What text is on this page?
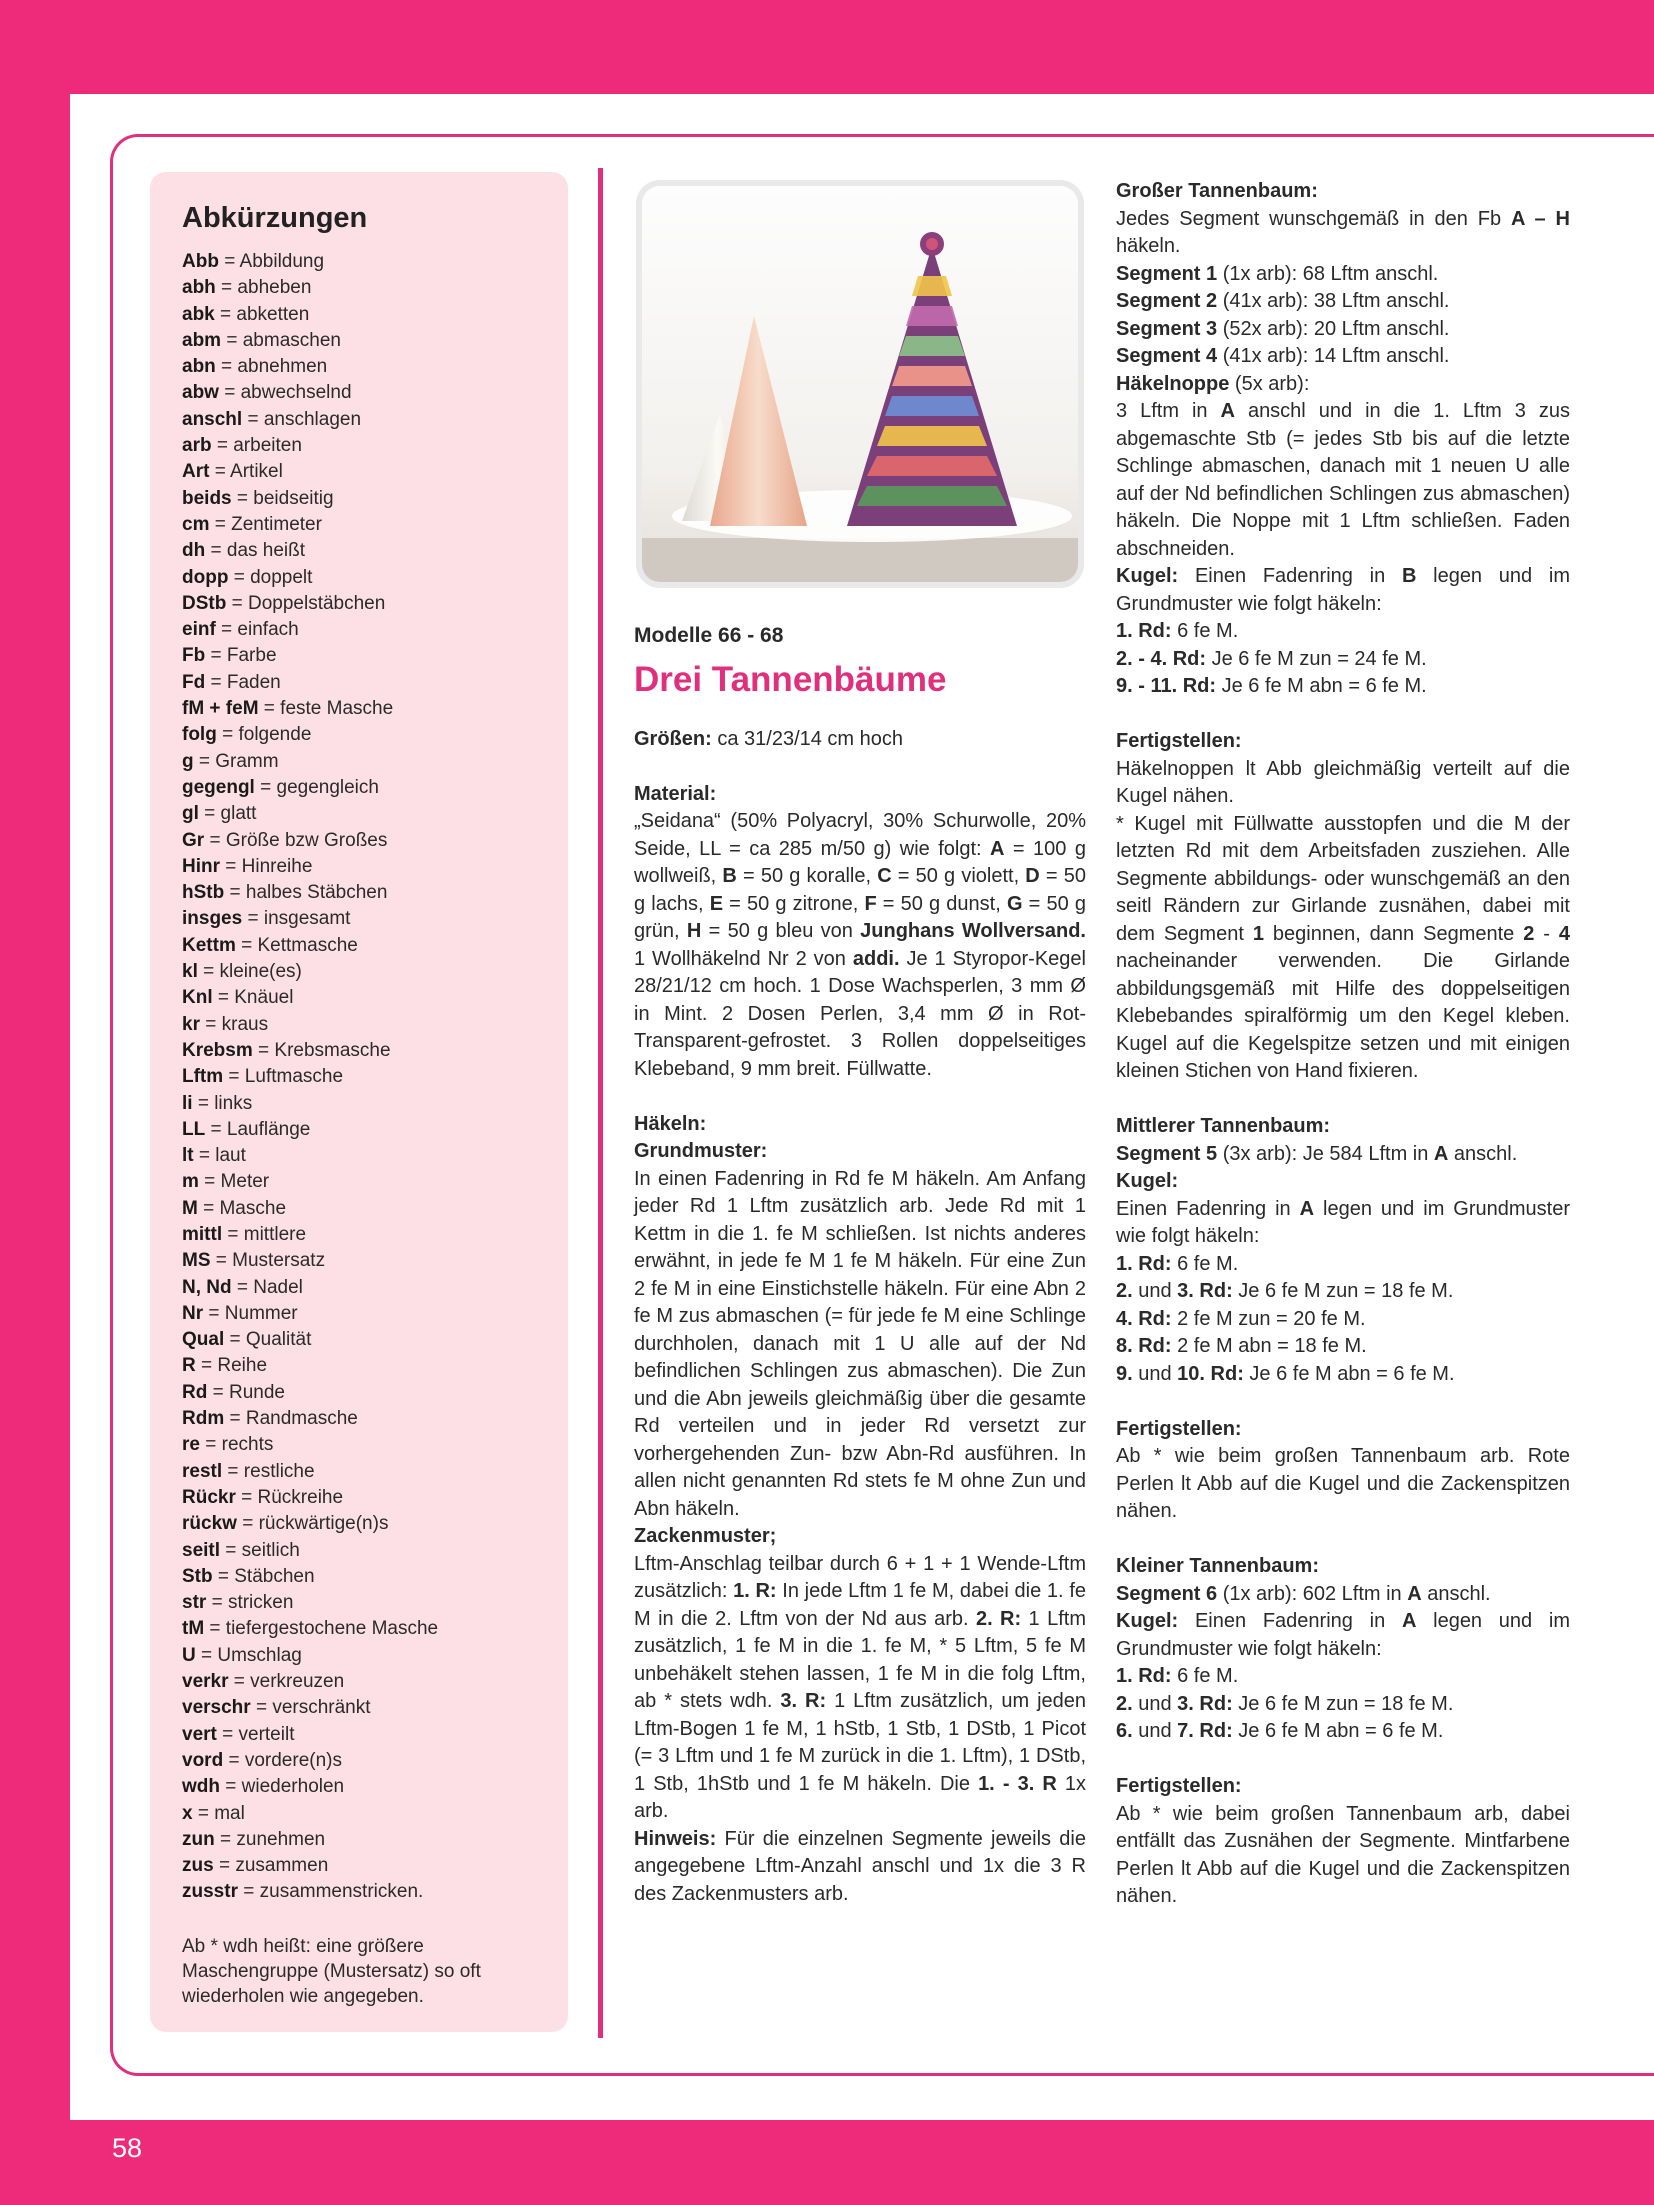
Abkürzungen
Abb = Abbildung
abh = abheben
abk = abketten
abm = abmaschen
abn = abnehmen
abw = abwechselnd
anschl = anschlagen
arb = arbeiten
Art = Artikel
beids = beidseitig
cm = Zentimeter
dh = das heißt
dopp = doppelt
DStb = Doppelstäbchen
einf = einfach
Fb = Farbe
Fd = Faden
fM + feM = feste Masche
folg = folgende
g = Gramm
gegengl = gegengleich
gl = glatt
Gr = Größe bzw Großes
Hinr = Hinreihe
hStb = halbes Stäbchen
insges = insgesamt
Kettm = Kettmasche
kl = kleine(es)
Knl = Knäuel
kr = kraus
Krebsm = Krebsmasche
Lftm = Luftmasche
li = links
LL = Lauflänge
lt = laut
m = Meter
M = Masche
mittl = mittlere
MS = Mustersatz
N, Nd = Nadel
Nr = Nummer
Qual = Qualität
R = Reihe
Rd = Runde
Rdm = Randmasche
re = rechts
restl = restliche
Rückr = Rückreihe
rückw = rückwärtige(n)s
seitl = seitlich
Stb = Stäbchen
str = stricken
tM = tiefergestochene Masche
U = Umschlag
verkr = verkreuzen
verschr = verschränkt
vert = verteilt
vord = vordere(n)s
wdh = wiederholen
x = mal
zun = zunehmen
zus = zusammen
zusstr = zusammenstricken.

Ab * wdh heißt: eine größere Maschengruppe (Mustersatz) so oft wiederholen wie angegeben.

Modelle 66 - 68

Drei Tannenbäume

Größen: ca 31/23/14 cm hoch

Material:

„Seidana“ (50% Polyacryl, 30% Schurwolle, 20% Seide, LL = ca 285 m/50 g) wie folgt: A = 100 g wollweiß, B = 50 g koralle, C = 50 g violett, D = 50 g lachs, E = 50 g zitrone, F = 50 g dunst, G = 50 g grün, H = 50 g bleu von Junghans Wollversand. 1 Wollhäkelnd Nr 2 von addi. Je 1 Styropor-Kegel 28/21/12 cm hoch. 1 Dose Wachsperlen, 3 mm Ø in Mint. 2 Dosen Perlen, 3,4 mm Ø in Rot-Transparent-gefrostet. 3 Rollen doppelseitiges Klebeband, 9 mm breit. Füllwatte.

Häkeln:

Grundmuster:

In einen Fadenring in Rd fe M häkeln. Am Anfang jeder Rd 1 Lftm zusätzlich arb. Jede Rd mit 1 Kettm in die 1. fe M schließen. Ist nichts anderes erwähnt, in jede fe M 1 fe M häkeln. Für eine Zun 2 fe M in eine Einstichstelle häkeln. Für eine Abn 2 fe M zus abmaschen (= für jede fe M eine Schlinge durchholen, danach mit 1 U alle auf der Nd befindlichen Schlingen zus abmaschen). Die Zun und die Abn jeweils gleichmäßig über die gesamte Rd verteilen und in jeder Rd versetzt zur vorhergehenden Zun- bzw Abn-Rd ausführen. In allen nicht genannten Rd stets fe M ohne Zun und Abn häkeln.

Zackenmuster;

Lftm-Anschlag teilbar durch 6 + 1 + 1 Wende-Lftm zusätzlich: 1. R: In jede Lftm 1 fe M, dabei die 1. fe M in die 2. Lftm von der Nd aus arb. 2. R: 1 Lftm zusätzlich, 1 fe M in die 1. fe M, * 5 Lftm, 5 fe M unbehäkelt stehen lassen, 1 fe M in die folg Lftm, ab * stets wdh. 3. R: 1 Lftm zusätzlich, um jeden Lftm-Bogen 1 fe M, 1 hStb, 1 Stb, 1 DStb, 1 Picot (= 3 Lftm und 1 fe M zurück in die 1. Lftm), 1 DStb, 1 Stb, 1hStb und 1 fe M häkeln. Die 1. - 3. R 1x arb.

Hinweis: Für die einzelnen Segmente jeweils die angegebene Lftm-Anzahl anschl und 1x die 3 R des Zackenmusters arb.

Großer Tannenbaum:

Jedes Segment wunschgemäß in den Fb A – H häkeln.

Segment 1 (1x arb): 68 Lftm anschl.

Segment 2 (41x arb): 38 Lftm anschl.

Segment 3 (52x arb): 20 Lftm anschl.

Segment 4 (41x arb): 14 Lftm anschl.

Häkelnoppe (5x arb):

3 Lftm in A anschl und in die 1. Lftm 3 zus abgemaschte Stb (= jedes Stb bis auf die letzte Schlinge abmaschen, danach mit 1 neuen U alle auf der Nd befindlichen Schlingen zus abmaschen) häkeln. Die Noppe mit 1 Lftm schließen. Faden abschneiden.

Kugel: Einen Fadenring in B legen und im Grundmuster wie folgt häkeln:

1. Rd: 6 fe M.

2. - 4. Rd: Je 6 fe M zun = 24 fe M.

9. - 11. Rd: Je 6 fe M abn = 6 fe M.

Fertigstellen:

Häkelnoppen lt Abb gleichmäßig verteilt auf die Kugel nähen.

* Kugel mit Füllwatte ausstopfen und die M der letzten Rd mit dem Arbeitsfaden zusziehen. Alle Segmente abbildungs- oder wunschgemäß an den seitl Rändern zur Girlande zusnähen, dabei mit dem Segment 1 beginnen, dann Segmente 2 - 4 nacheinander verwenden. Die Girlande abbildungsgemäß mit Hilfe des doppelseitigen Klebebandes spiralförmig um den Kegel kleben. Kugel auf die Kegelspitze setzen und mit einigen kleinen Stichen von Hand fixieren.

Mittlerer Tannenbaum:

Segment 5 (3x arb): Je 584 Lftm in A anschl.

Kugel:

Einen Fadenring in A legen und im Grundmuster wie folgt häkeln:

1. Rd: 6 fe M.

2. und 3. Rd: Je 6 fe M zun = 18 fe M.

4. Rd: 2 fe M zun = 20 fe M.

8. Rd: 2 fe M abn = 18 fe M.

9. und 10. Rd: Je 6 fe M abn = 6 fe M.

Fertigstellen:

Ab * wie beim großen Tannenbaum arb. Rote Perlen lt Abb auf die Kugel und die Zackenspitzen nähen.

Kleiner Tannenbaum:

Segment 6 (1x arb): 602 Lftm in A anschl.

Kugel: Einen Fadenring in A legen und im Grundmuster wie folgt häkeln:

1. Rd: 6 fe M.

2. und 3. Rd: Je 6 fe M zun = 18 fe M.

6. und 7. Rd: Je 6 fe M abn = 6 fe M.

Fertigstellen:

Ab * wie beim großen Tannenbaum arb, dabei entfällt das Zusnähen der Segmente. Mintfarbene Perlen lt Abb auf die Kugel und die Zackenspitzen nähen.

58
